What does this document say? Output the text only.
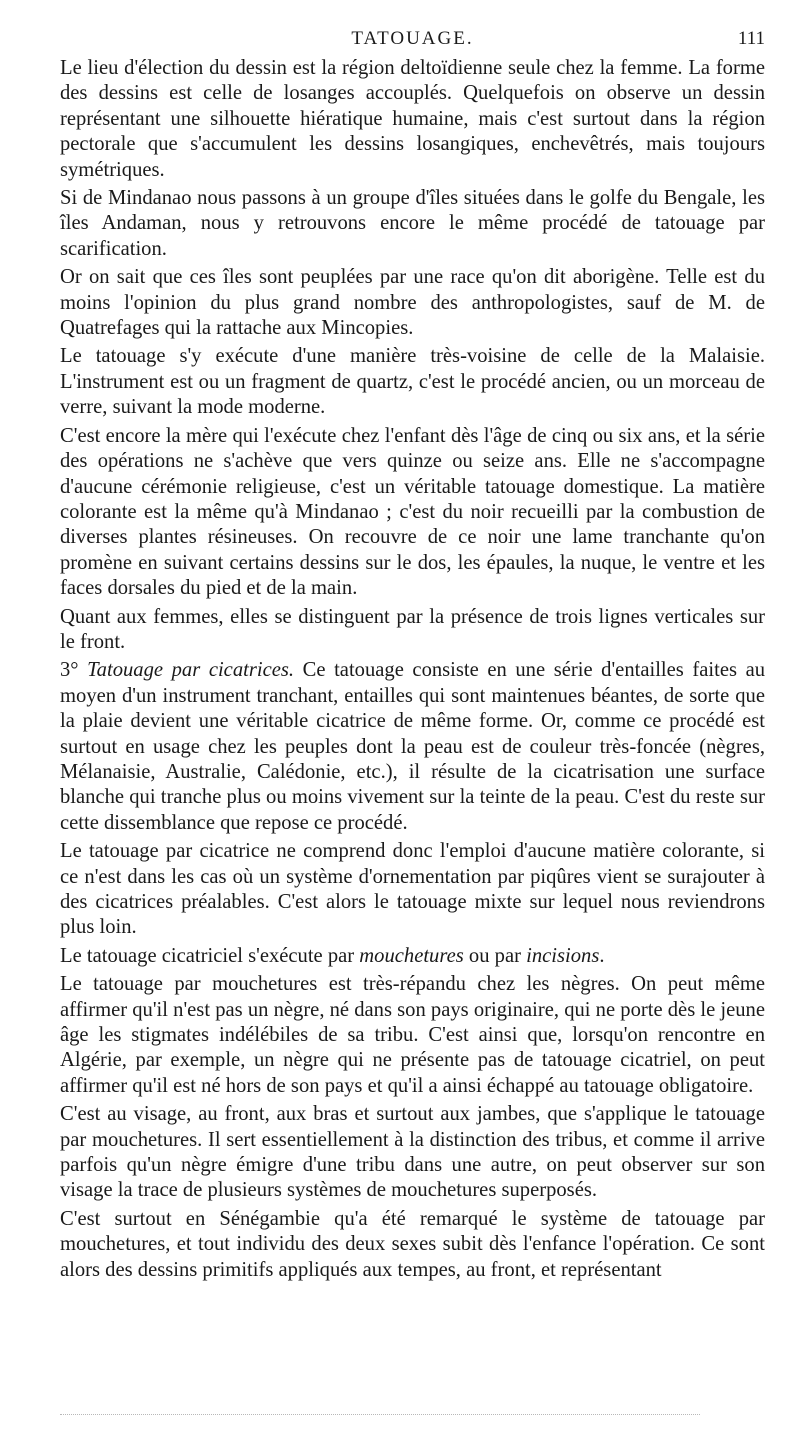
TATOUAGE.	111

Le lieu d'élection du dessin est la région deltoïdienne seule chez la femme. La forme des dessins est celle de losanges accouplés. Quelquefois on observe un dessin représentant une silhouette hiératique humaine, mais c'est surtout dans la région pectorale que s'accumulent les dessins losangiques, enchevêtrés, mais toujours symétriques.

Si de Mindanao nous passons à un groupe d'îles situées dans le golfe du Bengale, les îles Andaman, nous y retrouvons encore le même procédé de tatouage par scarification.

Or on sait que ces îles sont peuplées par une race qu'on dit aborigène. Telle est du moins l'opinion du plus grand nombre des anthropologistes, sauf de M. de Quatrefages qui la rattache aux Mincopies.

Le tatouage s'y exécute d'une manière très-voisine de celle de la Malaisie. L'instrument est ou un fragment de quartz, c'est le procédé ancien, ou un morceau de verre, suivant la mode moderne.

C'est encore la mère qui l'exécute chez l'enfant dès l'âge de cinq ou six ans, et la série des opérations ne s'achève que vers quinze ou seize ans. Elle ne s'accompagne d'aucune cérémonie religieuse, c'est un véritable tatouage domestique. La matière colorante est la même qu'à Mindanao ; c'est du noir recueilli par la combustion de diverses plantes résineuses. On recouvre de ce noir une lame tranchante qu'on promène en suivant certains dessins sur le dos, les épaules, la nuque, le ventre et les faces dorsales du pied et de la main.

Quant aux femmes, elles se distinguent par la présence de trois lignes verticales sur le front.

3° Tatouage par cicatrices. Ce tatouage consiste en une série d'entailles faites au moyen d'un instrument tranchant, entailles qui sont maintenues béantes, de sorte que la plaie devient une véritable cicatrice de même forme. Or, comme ce procédé est surtout en usage chez les peuples dont la peau est de couleur très-foncée (nègres, Mélanaisie, Australie, Calédonie, etc.), il résulte de la cicatrisation une surface blanche qui tranche plus ou moins vivement sur la teinte de la peau. C'est du reste sur cette dissemblance que repose ce procédé.

Le tatouage par cicatrice ne comprend donc l'emploi d'aucune matière colorante, si ce n'est dans les cas où un système d'ornementation par piqûres vient se surajouter à des cicatrices préalables. C'est alors le tatouage mixte sur lequel nous reviendrons plus loin.

Le tatouage cicatriciel s'exécute par mouchetures ou par incisions.

Le tatouage par mouchetures est très-répandu chez les nègres. On peut même affirmer qu'il n'est pas un nègre, né dans son pays originaire, qui ne porte dès le jeune âge les stigmates indélébiles de sa tribu. C'est ainsi que, lorsqu'on rencontre en Algérie, par exemple, un nègre qui ne présente pas de tatouage cicatriel, on peut affirmer qu'il est né hors de son pays et qu'il a ainsi échappé au tatouage obligatoire.

C'est au visage, au front, aux bras et surtout aux jambes, que s'applique le tatouage par mouchetures. Il sert essentiellement à la distinction des tribus, et comme il arrive parfois qu'un nègre émigre d'une tribu dans une autre, on peut observer sur son visage la trace de plusieurs systèmes de mouchetures superposés.

C'est surtout en Sénégambie qu'a été remarqué le système de tatouage par mouchetures, et tout individu des deux sexes subit dès l'enfance l'opération. Ce sont alors des dessins primitifs appliqués aux tempes, au front, et représentant
